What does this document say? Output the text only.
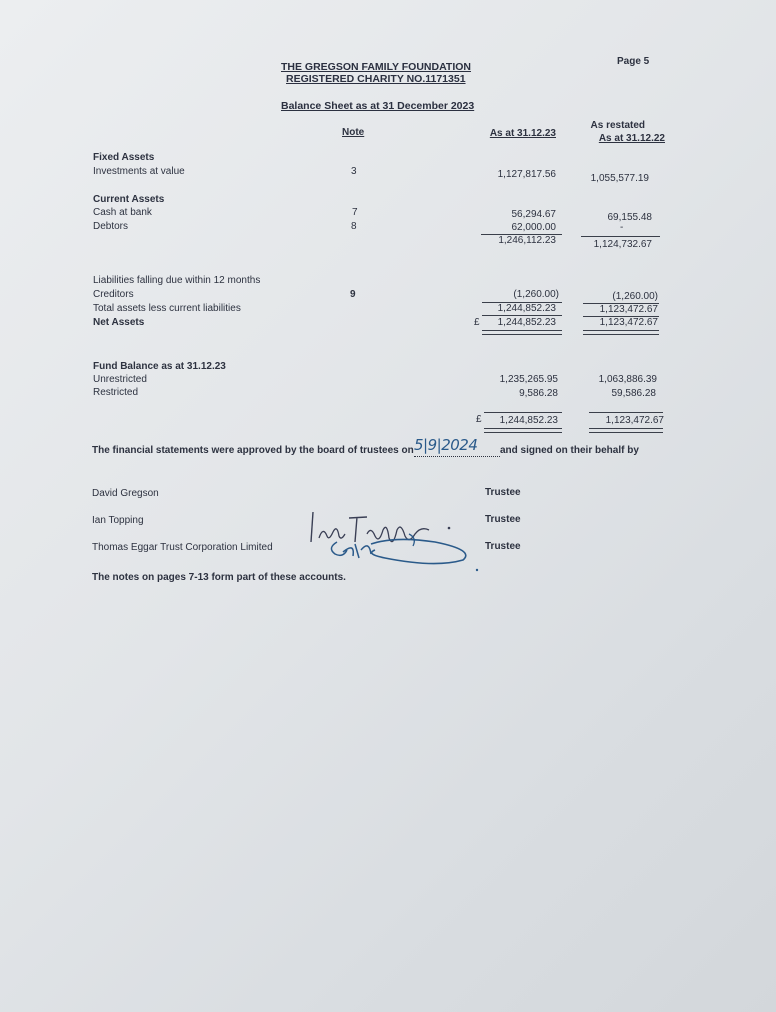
THE GREGSON FAMILY FOUNDATION
REGISTERED CHARITY NO.1171351
Page 5
Balance Sheet as at 31 December 2023
Note	As at 31.12.23
As restated
As at 31.12.22
Fixed Assets
Investments at value	3	1,127,817.56	1,055,577.19
Current Assets
Cash at bank	7	56,294.67	69,155.48
Debtors	8	62,000.00	-
1,246,112.23	1,124,732.67
Liabilities falling due within 12 months
Creditors	9	(1,260.00)	(1,260.00)
Total assets less current liabilities	1,244,852.23	1,123,472.67
Net Assets	£ 1,244,852.23	1,123,472.67
Fund Balance as at 31.12.23
Unrestricted	1,235,265.95	1,063,886.39
Restricted	9,586.28	59,586.28
£ 1,244,852.23	1,123,472.67
The financial statements were approved by the board of trustees on 5|9|2024 and signed on their behalf by
David Gregson	Trustee
Ian Topping	Trustee
Thomas Eggar Trust Corporation Limited	Trustee
The notes on pages 7-13 form part of these accounts.
